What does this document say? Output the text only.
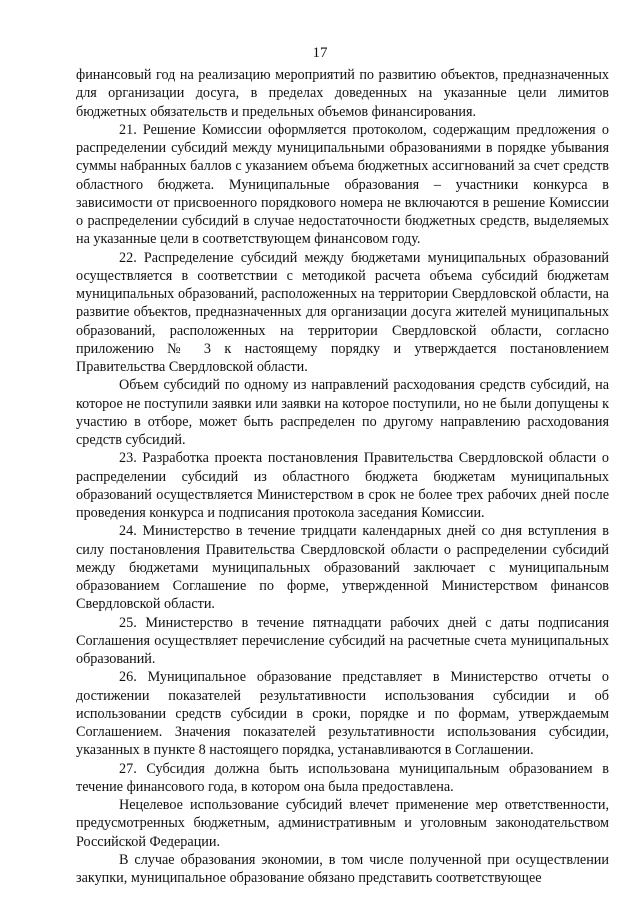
17

финансовый год на реализацию мероприятий по развитию объектов, предназначенных для организации досуга, в пределах доведенных на указанные цели лимитов бюджетных обязательств и предельных объемов финансирования.

21. Решение Комиссии оформляется протоколом, содержащим предложения о распределении субсидий между муниципальными образованиями в порядке убывания суммы набранных баллов с указанием объема бюджетных ассигнований за счет средств областного бюджета. Муниципальные образования – участники конкурса в зависимости от присвоенного порядкового номера не включаются в решение Комиссии о распределении субсидий в случае недостаточности бюджетных средств, выделяемых на указанные цели в соответствующем финансовом году.

22. Распределение субсидий между бюджетами муниципальных образований осуществляется в соответствии с методикой расчета объема субсидий бюджетам муниципальных образований, расположенных на территории Свердловской области, на развитие объектов, предназначенных для организации досуга жителей муниципальных образований, расположенных на территории Свердловской области, согласно приложению № 3 к настоящему порядку и утверждается постановлением Правительства Свердловской области.

Объем субсидий по одному из направлений расходования средств субсидий, на которое не поступили заявки или заявки на которое поступили, но не были допущены к участию в отборе, может быть распределен по другому направлению расходования средств субсидий.

23. Разработка проекта постановления Правительства Свердловской области о распределении субсидий из областного бюджета бюджетам муниципальных образований осуществляется Министерством в срок не более трех рабочих дней после проведения конкурса и подписания протокола заседания Комиссии.

24. Министерство в течение тридцати календарных дней со дня вступления в силу постановления Правительства Свердловской области о распределении субсидий между бюджетами муниципальных образований заключает с муниципальным образованием Соглашение по форме, утвержденной Министерством финансов Свердловской области.

25. Министерство в течение пятнадцати рабочих дней с даты подписания Соглашения осуществляет перечисление субсидий на расчетные счета муниципальных образований.

26. Муниципальное образование представляет в Министерство отчеты о достижении показателей результативности использования субсидии и об использовании средств субсидии в сроки, порядке и по формам, утверждаемым Соглашением. Значения показателей результативности использования субсидии, указанных в пункте 8 настоящего порядка, устанавливаются в Соглашении.

27. Субсидия должна быть использована муниципальным образованием в течение финансового года, в котором она была предоставлена.

Нецелевое использование субсидий влечет применение мер ответственности, предусмотренных бюджетным, административным и уголовным законодательством Российской Федерации.

В случае образования экономии, в том числе полученной при осуществлении закупки, муниципальное образование обязано представить соответствующее
